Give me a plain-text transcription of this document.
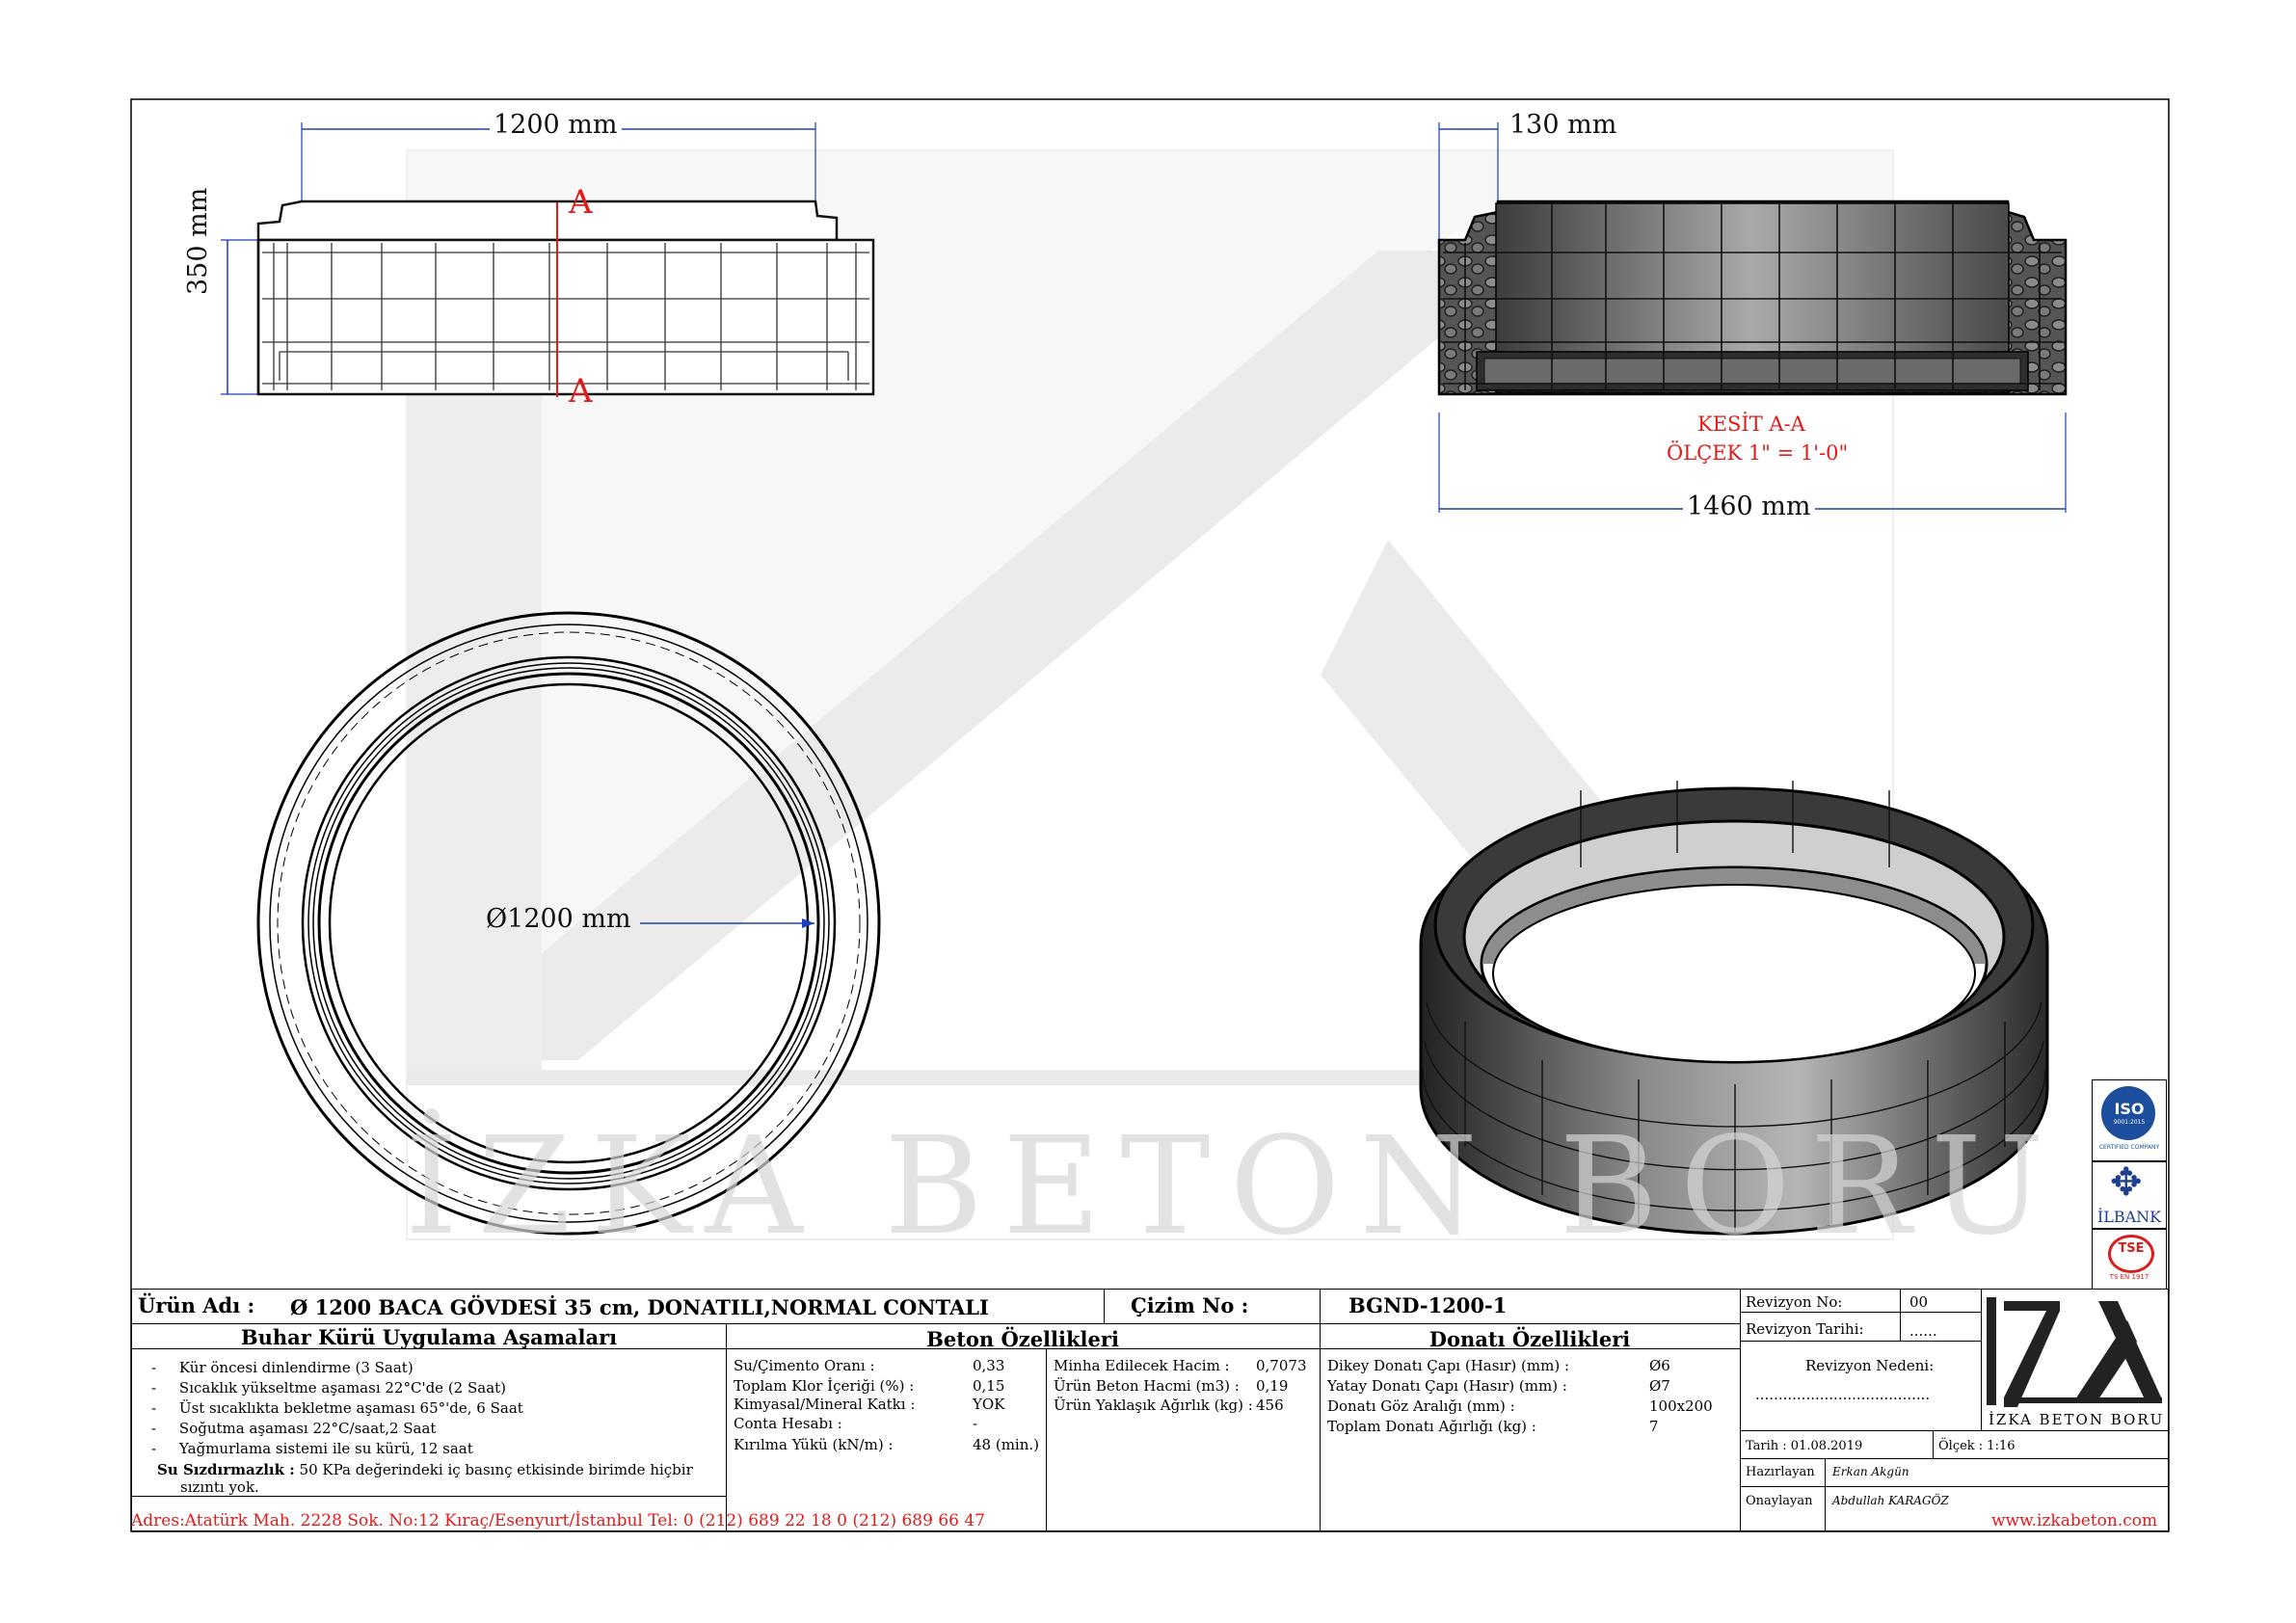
1200 mm
350 mm	A
A
130 mm
KESİT A-A
ÖLÇEK 1" = 1'-0"
1460 mm
Ø1200 mm
İZKA BETON BORU	ISO
9001:2015
CERTIFIED COMPANY
✥
İLBANK
TSE
TS EN 1917
Ürün Adı : Ø 1200 BACA GÖVDESİ 35 cm, DONATILI,NORMAL CONTALI	Çizim No :	BGND-1200-1
Buhar Kürü Uygulama Aşamaları	Beton Özellikleri	Donatı Özellikleri
-     Kür öncesi dinlendirme (3 Saat)
-     Sıcaklık yükseltme aşaması 22°C'de (2 Saat)
-     Üst sıcaklıkta bekletme aşaması 65°'de, 6 Saat
-     Soğutma aşaması 22°C/saat,2 Saat
-     Yağmurlama sistemi ile su kürü, 12 saat
Su Sızdırmazlık : 50 KPa değerindeki iç basınç etkisinde birimde hiçbir
sızıntı yok.
Su/Çimento Oranı :	0,33
Toplam Klor İçeriği (%) :	0,15
Kimyasal/Mineral Katkı :	YOK
Conta Hesabı :	-
Kırılma Yükü (kN/m) :	48 (min.)
Minha Edilecek Hacim : 0,7073
Ürün Beton Hacmi (m3) : 0,19
Ürün Yaklaşık Ağırlık (kg) : 456
Dikey Donatı Çapı (Hasır) (mm) :	Ø6
Yatay Donatı Çapı (Hasır) (mm) :	Ø7
Donatı Göz Aralığı (mm) :	100x200
Toplam Donatı Ağırlığı (kg) :	7
Revizyon No:	00
Revizyon Tarihi:	......
Revizyon Nedeni:
......................................
Tarih : 01.08.2019	Ölçek : 1:16
Hazırlayan Erkan Akgün
Onaylayan Abdullah KARAGÖZ
İZKA BETON BORU
Adres:Atatürk Mah. 2228 Sok. No:12 Kıraç/Esenyurt/İstanbul Tel: 0 (212) 689 22 18 0 (212) 689 66 47	www.izkabeton.com
